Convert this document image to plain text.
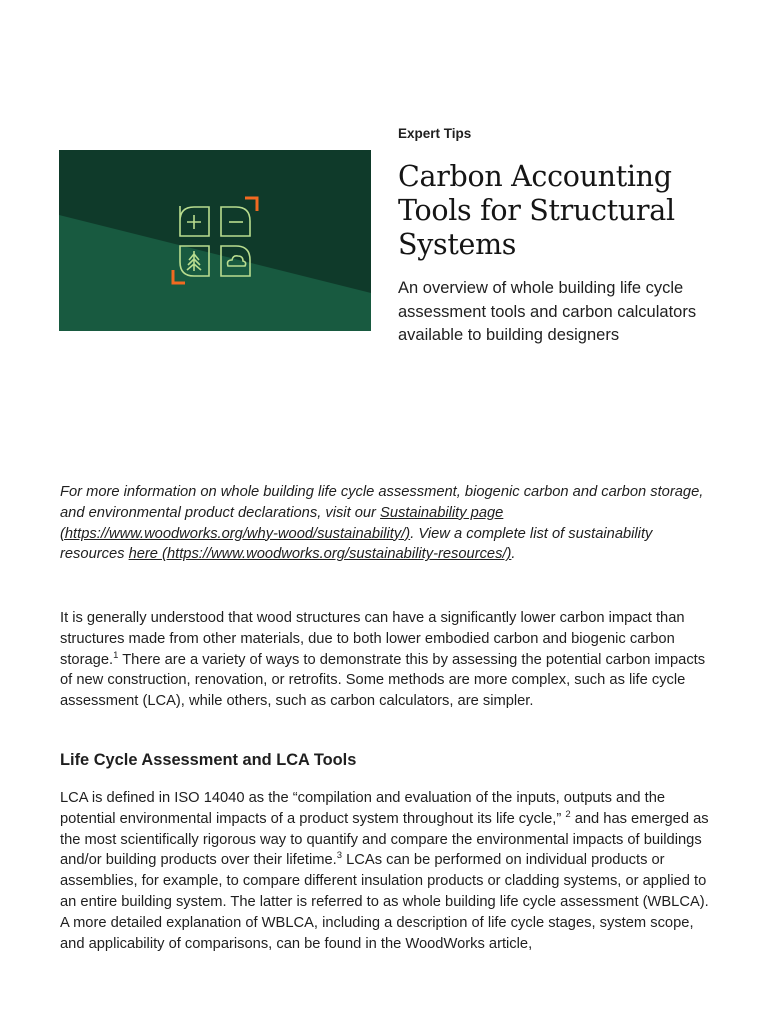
Expert Tips
Carbon Accounting Tools for Structural Systems

An overview of whole building life cycle assessment tools and carbon calculators available to building designers

For more information on whole building life cycle assessment, biogenic carbon and carbon storage, and environmental product declarations, visit our Sustainability page (https://www.woodworks.org/why-wood/sustainability/). View a complete list of sustainability resources here (https://www.woodworks.org/sustainability-resources/).

It is generally understood that wood structures can have a significantly lower carbon impact than structures made from other materials, due to both lower embodied carbon and biogenic carbon storage.$^1$ There are a variety of ways to demonstrate this by assessing the potential carbon impacts of new construction, renovation, or retrofits. Some methods are more complex, such as life cycle assessment (LCA), while others, such as carbon calculators, are simpler.

Life Cycle Assessment and LCA Tools

LCA is defined in ISO 14040 as the “compilation and evaluation of the inputs, outputs and the potential environmental impacts of a product system throughout its life cycle,” $^2$ and has emerged as the most scientifically rigorous way to quantify and compare the environmental impacts of buildings and/or building products over their lifetime.$^3$ LCAs can be performed on individual products or assemblies, for example, to compare different insulation products or cladding systems, or applied to an entire building system. The latter is referred to as whole building life cycle assessment (WBLCA). A more detailed explanation of WBLCA, including a description of life cycle stages, system scope, and applicability of comparisons, can be found in the WoodWorks article,
